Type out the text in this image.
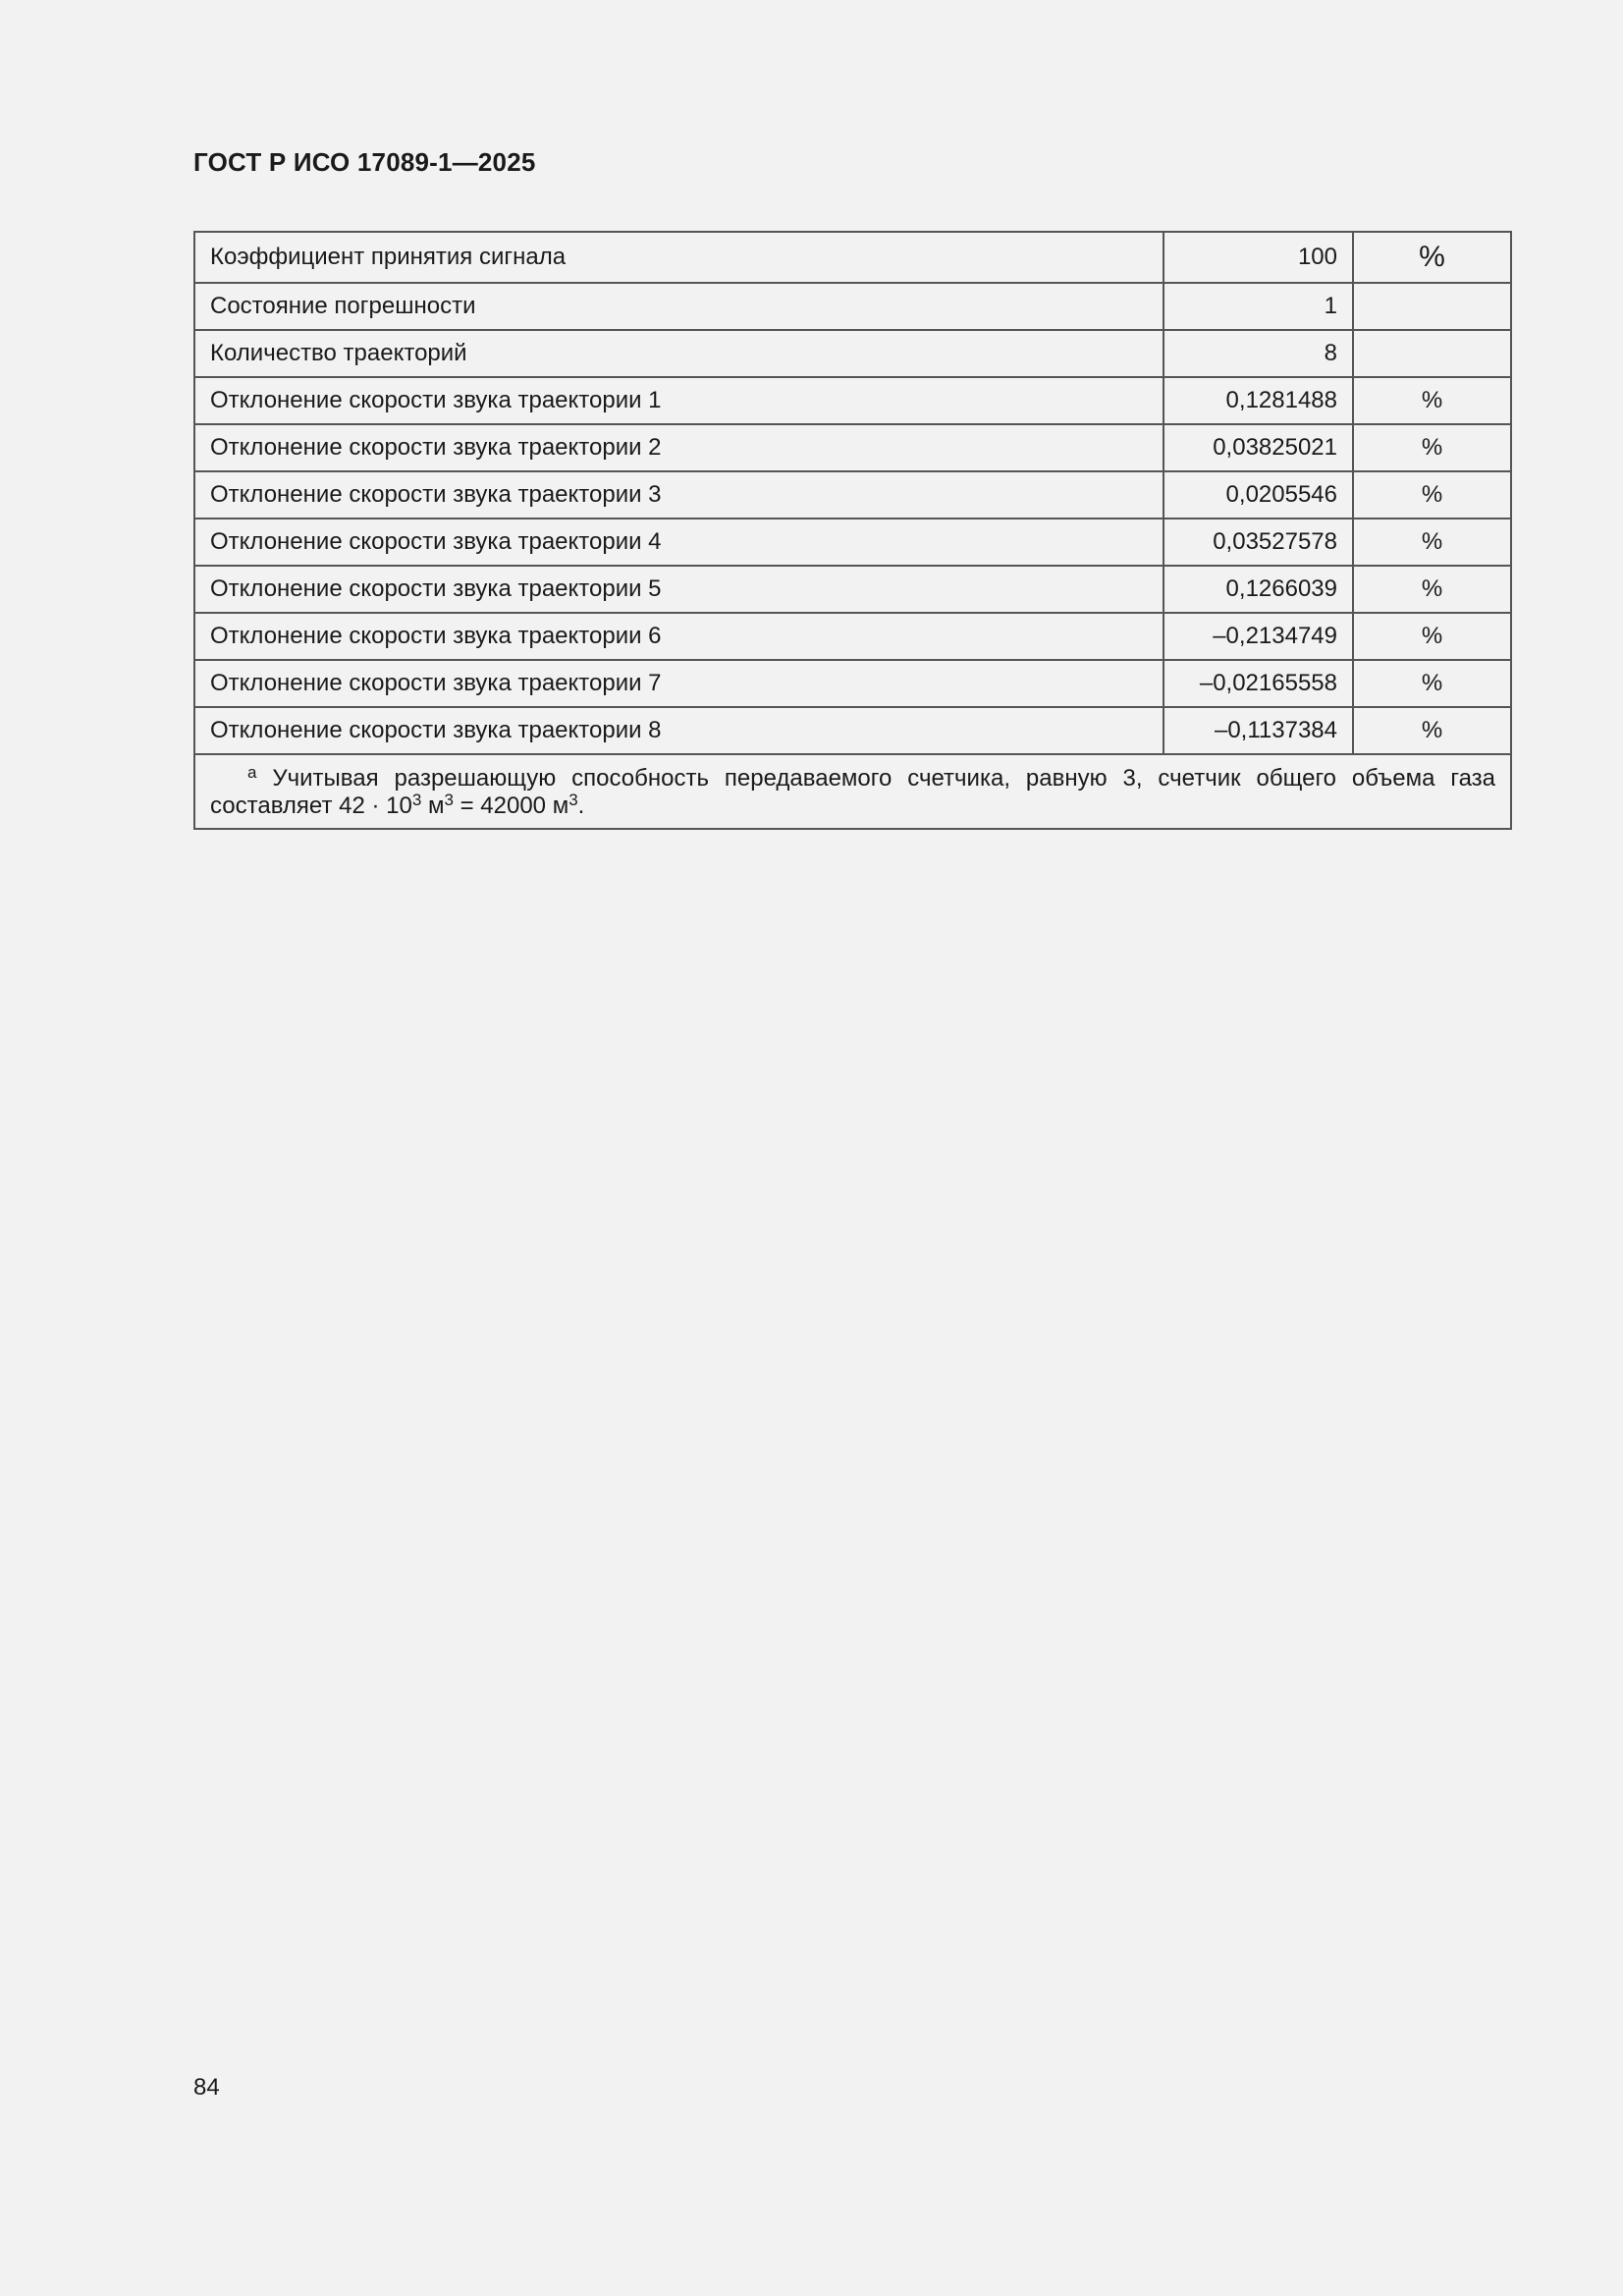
ГОСТ Р ИСО 17089-1—2025
Коэффициент принятия сигнала	100	%
Состояние погрешности	1	
Количество траекторий	8	
Отклонение скорости звука траектории 1	0,1281488	%
Отклонение скорости звука траектории 2	0,03825021	%
Отклонение скорости звука траектории 3	0,0205546	%
Отклонение скорости звука траектории 4	0,03527578	%
Отклонение скорости звука траектории 5	0,1266039	%
Отклонение скорости звука траектории 6	–0,2134749	%
Отклонение скорости звука траектории 7	–0,02165558	%
Отклонение скорости звука траектории 8	–0,1137384	%
$^a$ Учитывая разрешающую способность передаваемого счетчика, равную 3, счетчик общего объема газа составляет $42 \cdot 10^3$ $м^3 = 42000$ $м^3$.		
84
